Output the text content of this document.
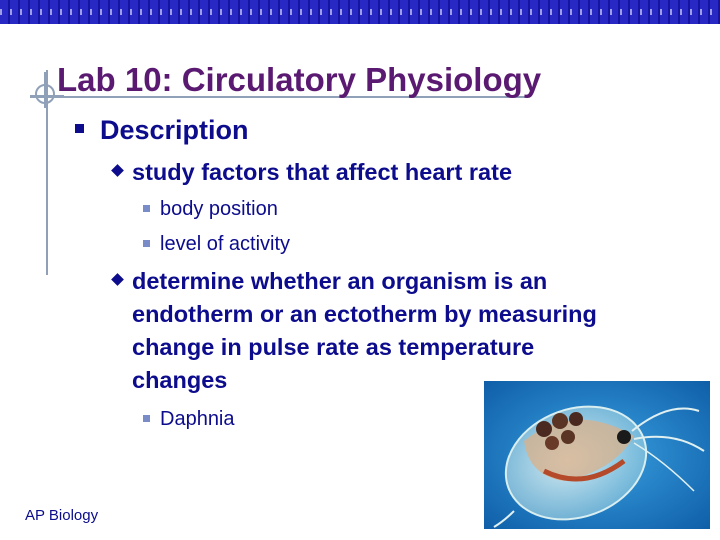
Lab 10: Circulatory Physiology
Description
study factors that affect heart rate
body position
level of activity
determine whether an organism is an endotherm or an ectotherm by measuring change in pulse rate as temperature changes
Daphnia
AP Biology
